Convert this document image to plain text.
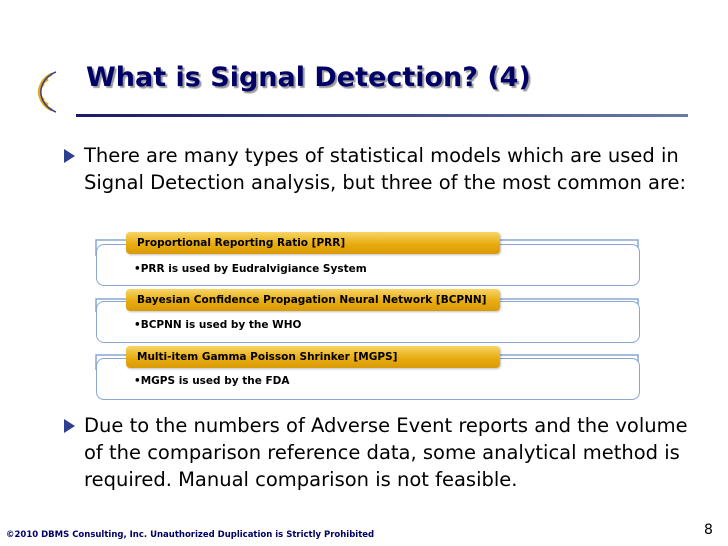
What is Signal Detection? (4)

There are many types of statistical models which are used in Signal Detection analysis, but three of the most common are:

Proportional Reporting Ratio [PRR]
•PRR is used by Eudralvigiance System
Bayesian Confidence Propagation Neural Network [BCPNN]
•BCPNN is used by the WHO
Multi-item Gamma Poisson Shrinker [MGPS]
•MGPS is used by the FDA

Due to the numbers of Adverse Event reports and the volume of the comparison reference data, some analytical method is required. Manual comparison is not feasible.

©2010 DBMS Consulting, Inc. Unauthorized Duplication is Strictly Prohibited	8
